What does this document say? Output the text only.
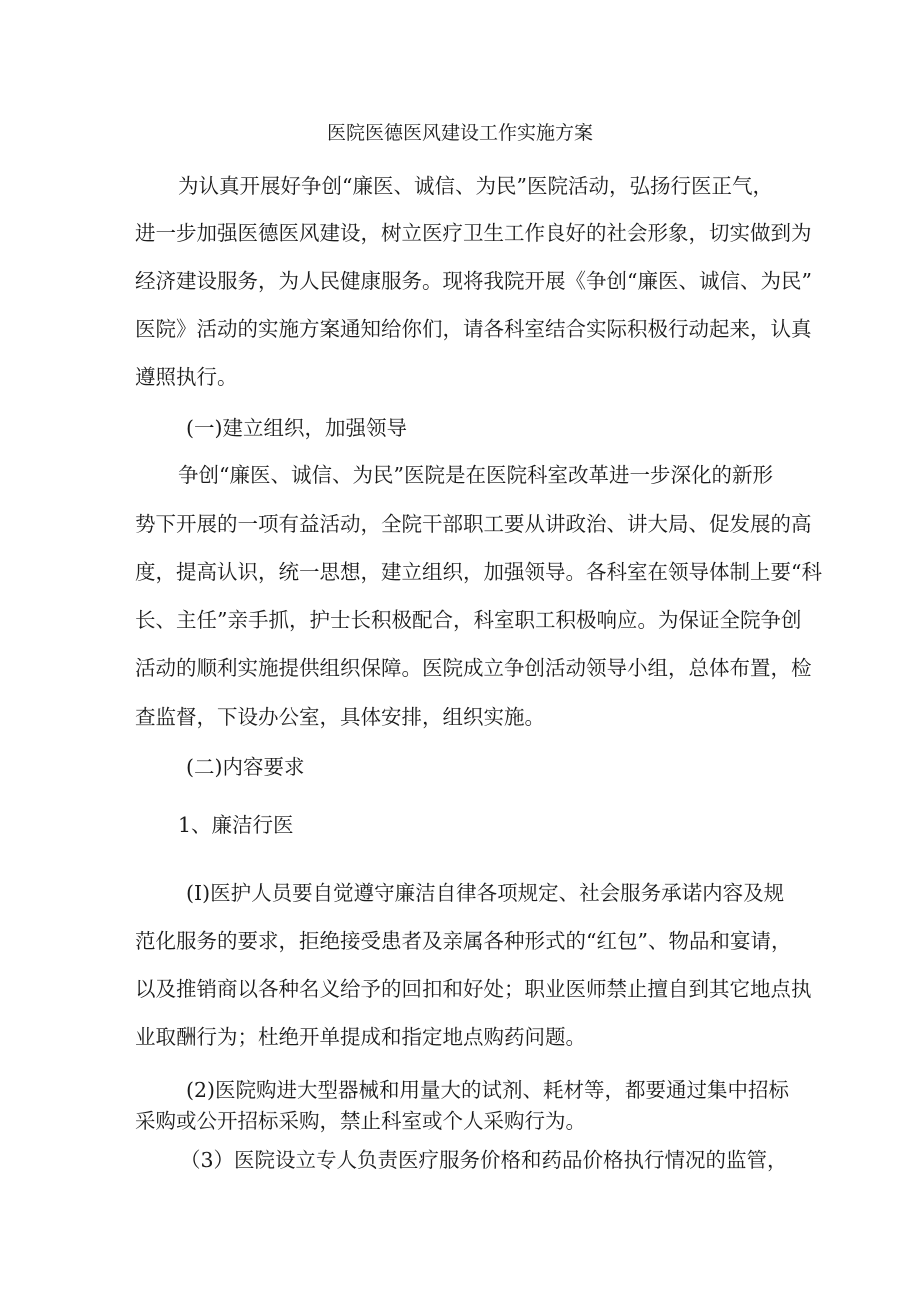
医院医德医风建设工作实施方案
为认真开展好争创“廉医、诚信、为民”医院活动，弘扬行医正气，
进一步加强医德医风建设，树立医疗卫生工作良好的社会形象，切实做到为
经济建设服务，为人民健康服务。现将我院开展《争创“廉医、诚信、为民”
医院》活动的实施方案通知给你们，请各科室结合实际积极行动起来，认真
遵照执行。
(一)建立组织，加强领导
争创“廉医、诚信、为民”医院是在医院科室改革进一步深化的新形
势下开展的一项有益活动，全院干部职工要从讲政治、讲大局、促发展的高
度，提高认识，统一思想，建立组织，加强领导。各科室在领导体制上要“科
长、主任”亲手抓，护士长积极配合，科室职工积极响应。为保证全院争创
活动的顺利实施提供组织保障。医院成立争创活动领导小组，总体布置，检
查监督，下设办公室，具体安排，组织实施。
(二)内容要求
1、廉洁行医
(I)医护人员要自觉遵守廉洁自律各项规定、社会服务承诺内容及规
范化服务的要求，拒绝接受患者及亲属各种形式的“红包”、物品和宴请，
以及推销商以各种名义给予的回扣和好处；职业医师禁止擅自到其它地点执
业取酬行为；杜绝开单提成和指定地点购药问题。
(2)医院购进大型器械和用量大的试剂、耗材等，都要通过集中招标
采购或公开招标采购，禁止科室或个人采购行为。
（3）医院设立专人负责医疗服务价格和药品价格执行情况的监管，
